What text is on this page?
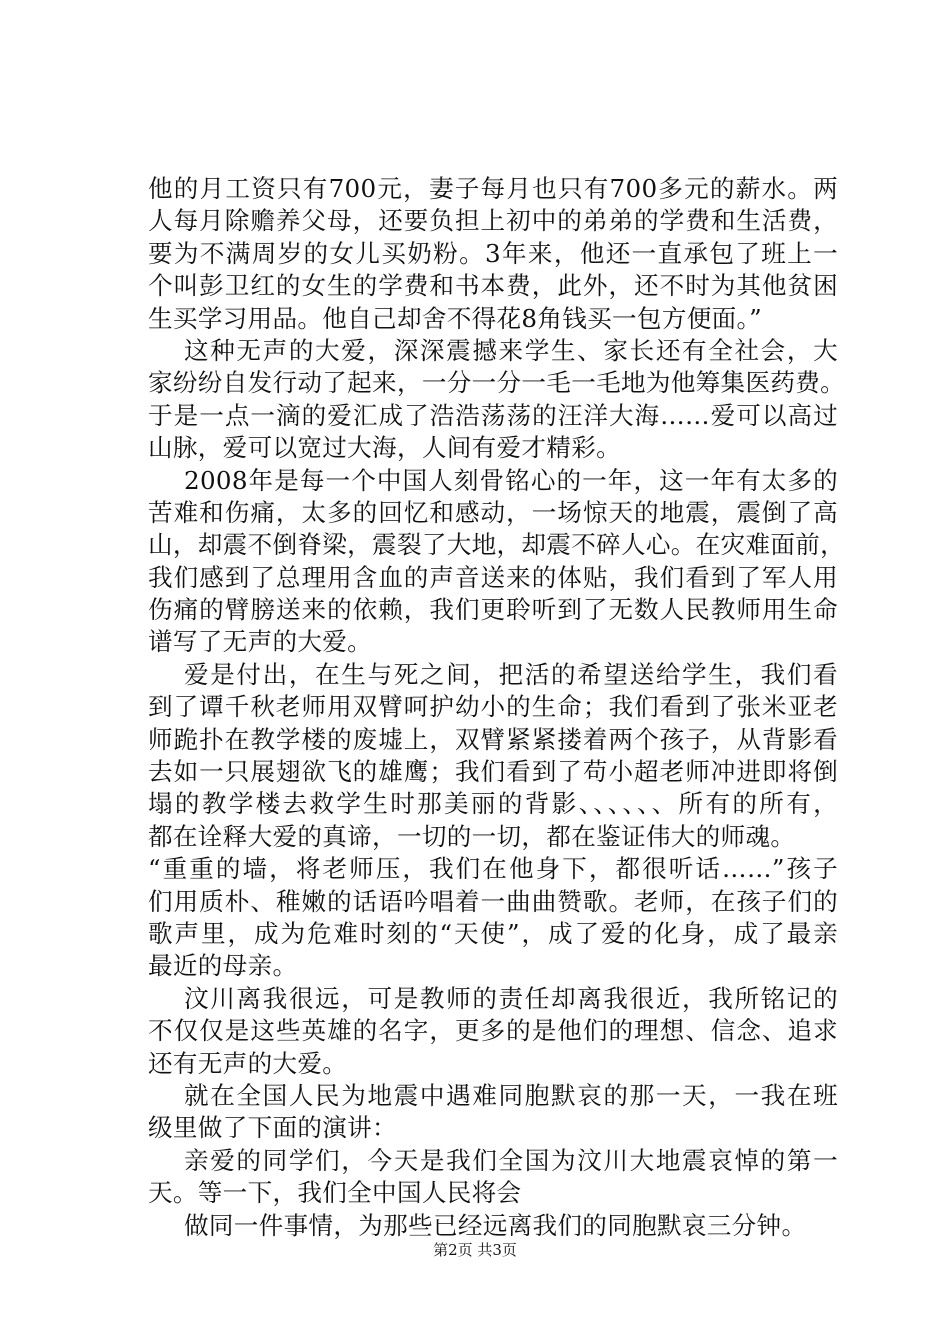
他的月工资只有700元，妻子每月也只有700多元的薪水。两
人每月除赡养父母，还要负担上初中的弟弟的学费和生活费，
要为不满周岁的女儿买奶粉。3年来，他还一直承包了班上一
个叫彭卫红的女生的学费和书本费，此外，还不时为其他贫困
生买学习用品。他自己却舍不得花8角钱买一包方便面。”
这种无声的大爱，深深震撼来学生、家长还有全社会，大
家纷纷自发行动了起来，一分一分一毛一毛地为他筹集医药费。
于是一点一滴的爱汇成了浩浩荡荡的汪洋大海……爱可以高过
山脉，爱可以宽过大海，人间有爱才精彩。
2008年是每一个中国人刻骨铭心的一年，这一年有太多的
苦难和伤痛，太多的回忆和感动，一场惊天的地震，震倒了高
山，却震不倒脊梁，震裂了大地，却震不碎人心。在灾难面前，
我们感到了总理用含血的声音送来的体贴，我们看到了军人用
伤痛的臂膀送来的依赖，我们更聆听到了无数人民教师用生命
谱写了无声的大爱。
爱是付出，在生与死之间，把活的希望送给学生，我们看
到了谭千秋老师用双臂呵护幼小的生命；我们看到了张米亚老
师跪扑在教学楼的废墟上，双臂紧紧搂着两个孩子，从背影看
去如一只展翅欲飞的雄鹰；我们看到了苟小超老师冲进即将倒
塌的教学楼去救学生时那美丽的背影、、、、、、所有的所有，
都在诠释大爱的真谛，一切的一切，都在鉴证伟大的师魂。
“重重的墙，将老师压，我们在他身下，都很听话……”孩子
们用质朴、稚嫩的话语吟唱着一曲曲赞歌。老师，在孩子们的
歌声里，成为危难时刻的“天使”，成了爱的化身，成了最亲
最近的母亲。
汶川离我很远，可是教师的责任却离我很近，我所铭记的
不仅仅是这些英雄的名字，更多的是他们的理想、信念、追求
还有无声的大爱。
就在全国人民为地震中遇难同胞默哀的那一天，一我在班
级里做了下面的演讲：
亲爱的同学们，今天是我们全国为汶川大地震哀悼的第一
天。等一下，我们全中国人民将会
做同一件事情，为那些已经远离我们的同胞默哀三分钟。
第2页 共3页
